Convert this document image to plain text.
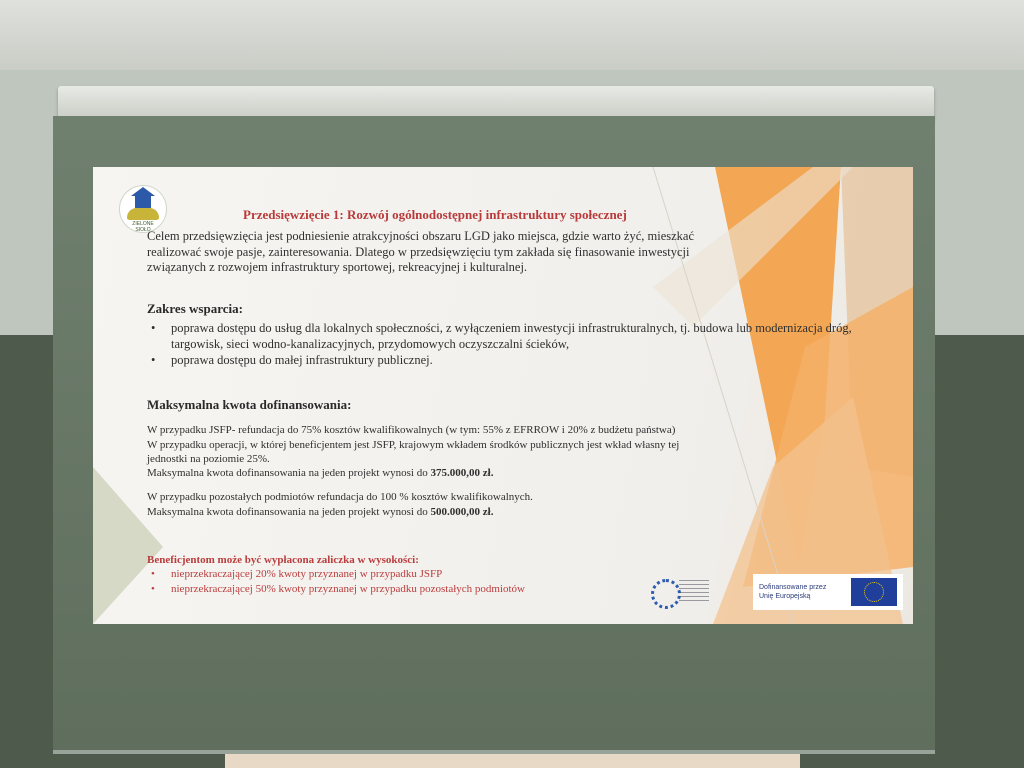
ZIELONE SIOŁO
Przedsięwzięcie 1: Rozwój ogólnodostępnej infrastruktury społecznej
Celem przedsięwzięcia jest podniesienie atrakcyjności obszaru LGD jako miejsca, gdzie warto żyć, mieszkać
realizować swoje pasje, zainteresowania. Dlatego w przedsięwzięciu tym zakłada się finasowanie inwestycji
związanych z rozwojem infrastruktury sportowej, rekreacyjnej i kulturalnej.
Zakres wsparcia:
• poprawa dostępu do usług dla lokalnych społeczności, z wyłączeniem inwestycji infrastrukturalnych, tj. budowa lub modernizacja dróg, targowisk, sieci wodno-kanalizacyjnych, przydomowych oczyszczalni ścieków,
• poprawa dostępu do małej infrastruktury publicznej.
Maksymalna kwota dofinansowania:
W przypadku JSFP- refundacja do 75% kosztów kwalifikowalnych (w tym: 55% z EFRROW i 20% z budżetu państwa)
W przypadku operacji, w której beneficjentem jest JSFP, krajowym wkładem środków publicznych jest wkład własny tej
jednostki na poziomie 25%.
Maksymalna kwota dofinansowania na jeden projekt wynosi do 375.000,00 zł.
W przypadku pozostałych podmiotów refundacja do 100 % kosztów kwalifikowalnych.
Maksymalna kwota dofinansowania na jeden projekt wynosi do 500.000,00 zł.
Beneficjentom może być wypłacona zaliczka w wysokości:
• nieprzekraczającej 20% kwoty przyznanej w przypadku JSFP
• nieprzekraczającej 50% kwoty przyznanej w przypadku pozostałych podmiotów	Dofinansowane przez
Unię Europejską
